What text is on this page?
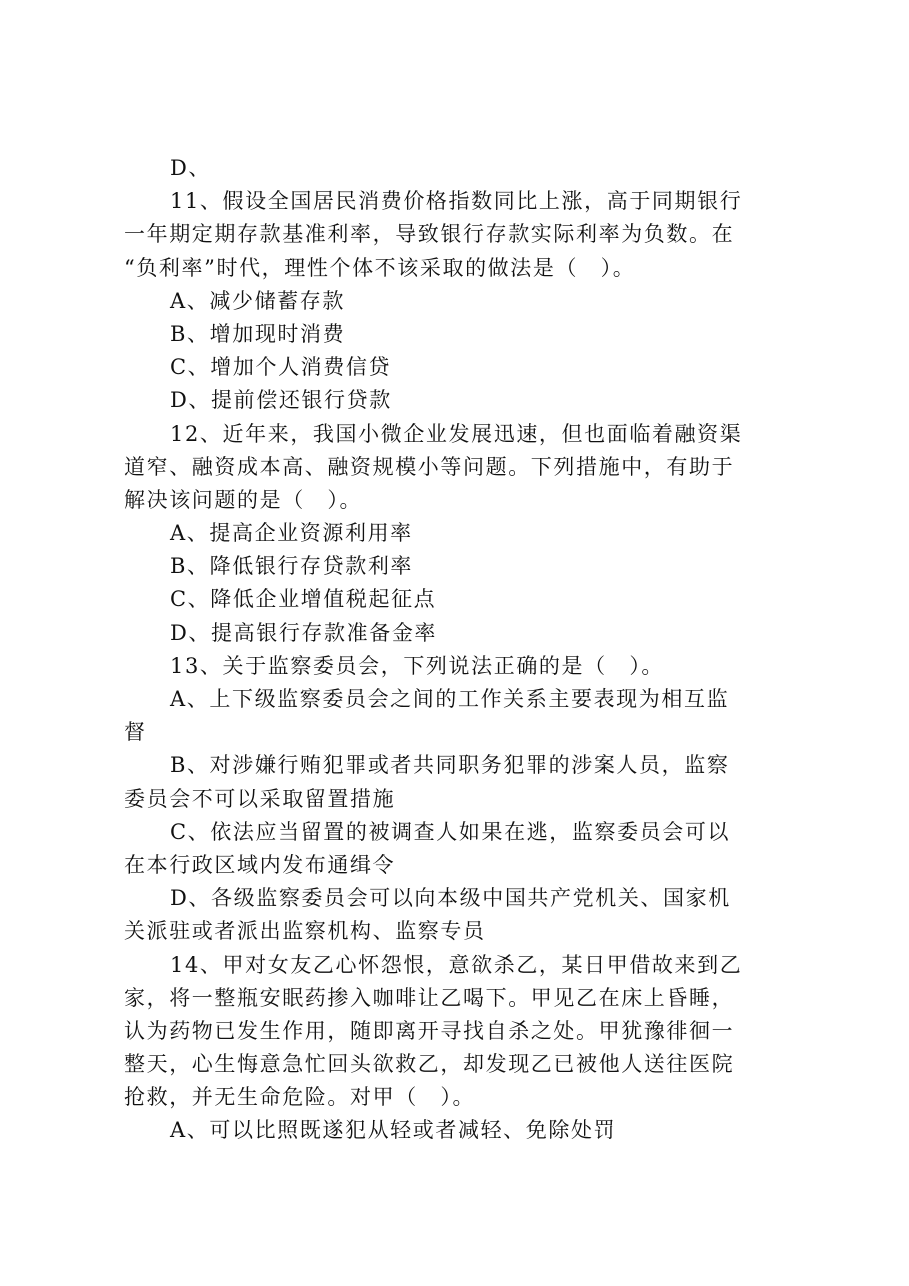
D、
11、假设全国居民消费价格指数同比上涨，高于同期银行
一年期定期存款基准利率，导致银行存款实际利率为负数。在
“负利率”时代，理性个体不该采取的做法是（　）。
A、减少储蓄存款
B、增加现时消费
C、增加个人消费信贷
D、提前偿还银行贷款
12、近年来，我国小微企业发展迅速，但也面临着融资渠
道窄、融资成本高、融资规模小等问题。下列措施中，有助于
解决该问题的是（　）。
A、提高企业资源利用率
B、降低银行存贷款利率
C、降低企业增值税起征点
D、提高银行存款准备金率
13、关于监察委员会，下列说法正确的是（　）。
A、上下级监察委员会之间的工作关系主要表现为相互监
督
B、对涉嫌行贿犯罪或者共同职务犯罪的涉案人员，监察
委员会不可以采取留置措施
C、依法应当留置的被调查人如果在逃，监察委员会可以
在本行政区域内发布通缉令
D、各级监察委员会可以向本级中国共产党机关、国家机
关派驻或者派出监察机构、监察专员
14、甲对女友乙心怀怨恨，意欲杀乙，某日甲借故来到乙
家，将一整瓶安眠药掺入咖啡让乙喝下。甲见乙在床上昏睡，
认为药物已发生作用，随即离开寻找自杀之处。甲犹豫徘徊一
整天，心生悔意急忙回头欲救乙，却发现乙已被他人送往医院
抢救，并无生命危险。对甲（　）。
A、可以比照既遂犯从轻或者减轻、免除处罚
